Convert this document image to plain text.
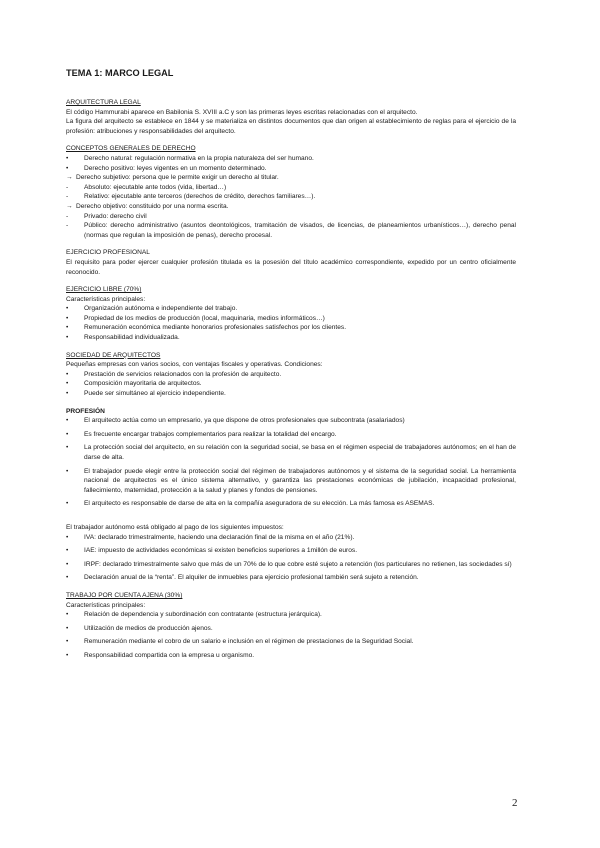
TEMA 1: MARCO LEGAL
ARQUITECTURA LEGAL

El código Hammurabi aparece en Babilonia S. XVIII a.C y son las primeras leyes escritas relacionadas con el arquitecto.

La figura del arquitecto se establece en 1844 y se materializa en distintos documentos que dan origen al establecimiento de reglas para el ejercicio de la profesión: atribuciones y responsabilidades del arquitecto.

CONCEPTOS GENERALES DE DERECHO
•	Derecho natural: regulación normativa en la propia naturaleza del ser humano.
•	Derecho positivo: leyes vigentes en un momento determinado.
→ Derecho subjetivo: persona que le permite exigir un derecho al titular.
- Absoluto: ejecutable ante todos (vida, libertad…)
- Relativo: ejecutable ante terceros (derechos de crédito, derechos familiares…).
→ Derecho objetivo: constituido por una norma escrita.
- Privado: derecho civil
- Público: derecho administrativo (asuntos deontológicos, tramitación de visados, de licencias, de planeamientos urbanísticos…), derecho penal (normas que regulan la imposición de penas), derecho procesal.
EJERCICIO PROFESIONAL

El requisito para poder ejercer cualquier profesión titulada es la posesión del título académico correspondiente, expedido por un centro oficialmente reconocido.

EJERCICIO LIBRE (70%)
Características principales:
•	Organización autónoma e independiente del trabajo.
•	Propiedad de los medios de producción (local, maquinaria, medios informáticos…)
•	Remuneración económica mediante honorarios profesionales satisfechos por los clientes.
•	Responsabilidad individualizada.
SOCIEDAD DE ARQUITECTOS
Pequeñas empresas con varios socios, con ventajas fiscales y operativas. Condiciones:
•	Prestación de servicios relacionados con la profesión de arquitecto.
•	Composición mayoritaria de arquitectos.
•	Puede ser simultáneo al ejercicio independiente.
PROFESIÓN
•	El arquitecto actúa como un empresario, ya que dispone de otros profesionales que subcontrata (asalariados)
•	Es frecuente encargar trabajos complementarios para realizar la totalidad del encargo.
•	La protección social del arquitecto, en su relación con la seguridad social, se basa en el régimen especial de trabajadores autónomos; en el han de darse de alta.
•	El trabajador puede elegir entre la protección social del régimen de trabajadores autónomos y el sistema de la seguridad social. La herramienta nacional de arquitectos es el único sistema alternativo, y garantiza las prestaciones económicas de jubilación, incapacidad profesional, fallecimiento, maternidad, protección a la salud y planes y fondos de pensiones.
•	El arquitecto es responsable de darse de alta en la compañía aseguradora de su elección. La más famosa es ASEMAS.
El trabajador autónomo está obligado al pago de los siguientes impuestos:
•	IVA: declarado trimestralmente, haciendo una declaración final de la misma en el año (21%).
•	IAE: impuesto de actividades económicas si existen beneficios superiores a 1millón de euros.
•	IRPF: declarado trimestralmente salvo que más de un 70% de lo que cobre esté sujeto a retención (los particulares no retienen, las sociedades sí)
•	Declaración anual de la “renta”. El alquiler de inmuebles para ejercicio profesional también será sujeto a retención.
TRABAJO POR CUENTA AJENA (30%)
Características principales:
•	Relación de dependencia y subordinación con contratante (estructura jerárquica).
•	Utilización de medios de producción ajenos.
•	Remuneración mediante el cobro de un salario e inclusión en el régimen de prestaciones de la Seguridad Social.
•	Responsabilidad compartida con la empresa u organismo.
2
